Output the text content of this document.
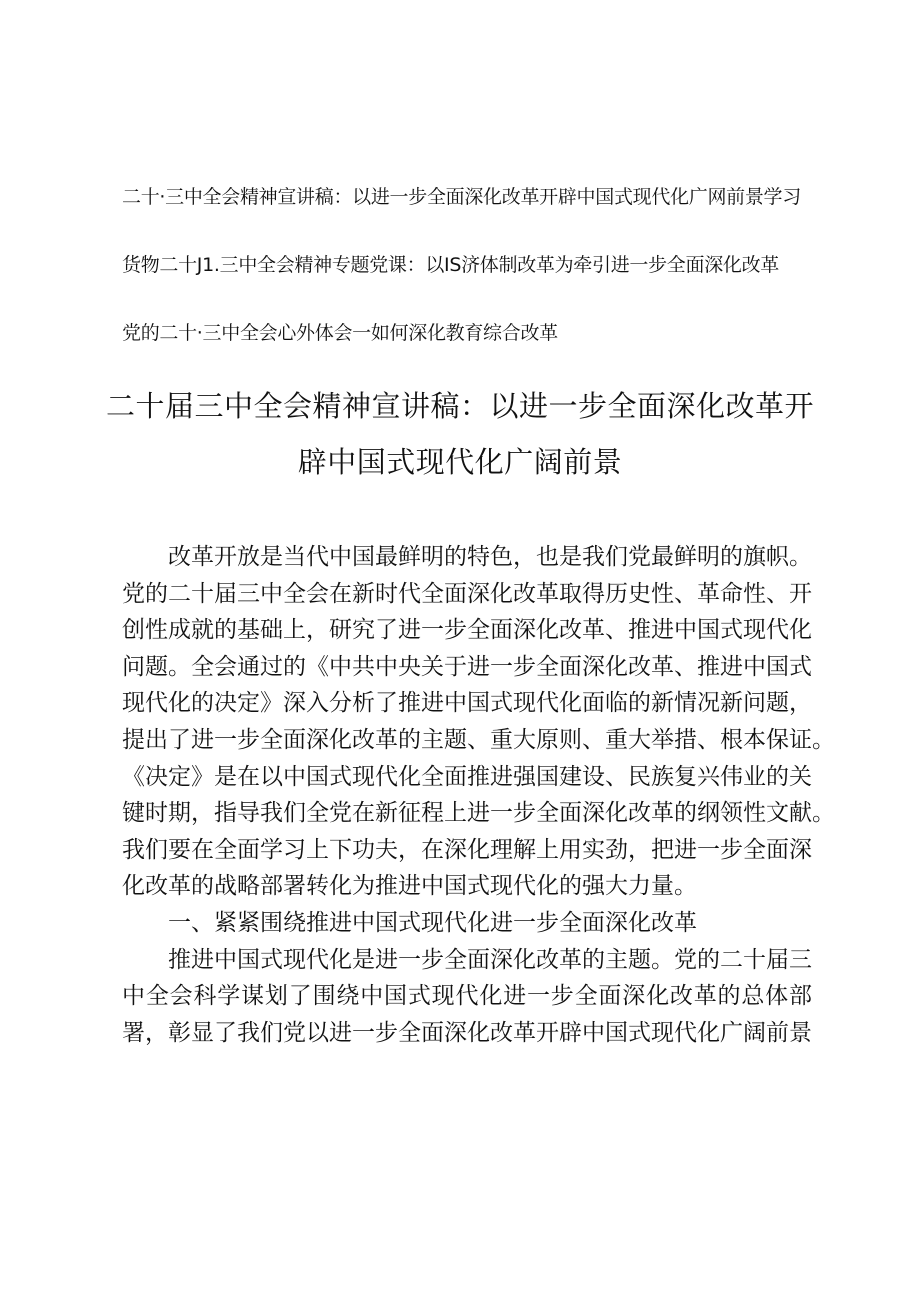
二十·三中全会精神宣讲稿：以进一步全面深化改革开辟中国式现代化广网前景学习
货物二十J1.三中全会精神专题党课：以IS济体制改革为牵引进一步全面深化改革
党的二十·三中全会心外体会一如何深化教育综合改革
二十届三中全会精神宣讲稿：以进一步全面深化改革开
辟中国式现代化广阔前景
改革开放是当代中国最鲜明的特色，也是我们党最鲜明的旗帜。
党的二十届三中全会在新时代全面深化改革取得历史性、革命性、开
创性成就的基础上，研究了进一步全面深化改革、推进中国式现代化
问题。全会通过的《中共中央关于进一步全面深化改革、推进中国式
现代化的决定》深入分析了推进中国式现代化面临的新情况新问题，
提出了进一步全面深化改革的主题、重大原则、重大举措、根本保证。
《决定》是在以中国式现代化全面推进强国建设、民族复兴伟业的关
键时期，指导我们全党在新征程上进一步全面深化改革的纲领性文献。
我们要在全面学习上下功夫，在深化理解上用实劲，把进一步全面深
化改革的战略部署转化为推进中国式现代化的强大力量。
一、紧紧围绕推进中国式现代化进一步全面深化改革
推进中国式现代化是进一步全面深化改革的主题。党的二十届三
中全会科学谋划了围绕中国式现代化进一步全面深化改革的总体部
署，彰显了我们党以进一步全面深化改革开辟中国式现代化广阔前景
